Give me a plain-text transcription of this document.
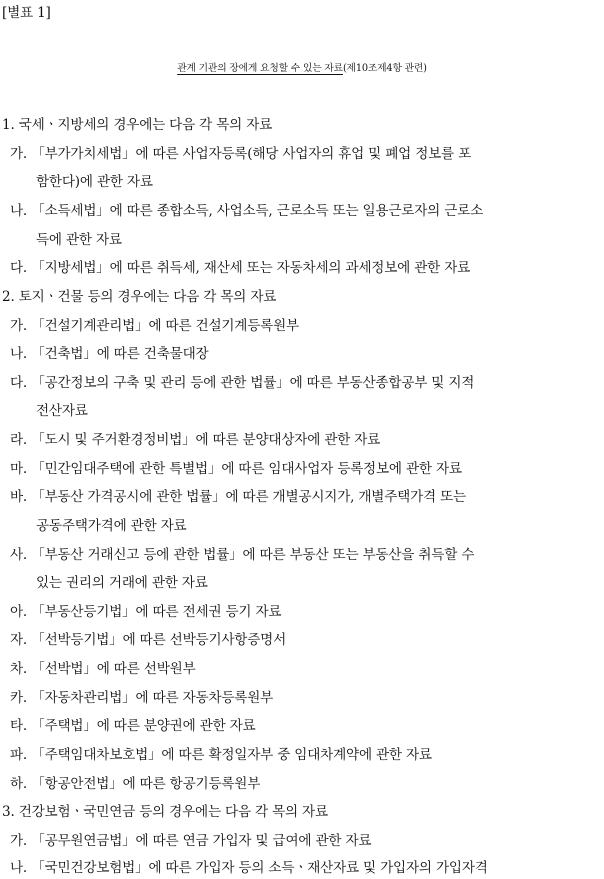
[별표 1]
관계 기관의 장에게 요청할 수 있는 자료(제10조제4항 관련)
1. 국세ㆍ지방세의 경우에는 다음 각 목의 자료
가. 「부가가치세법」에 따른 사업자등록(해당 사업자의 휴업 및 폐업 정보를 포
함한다)에 관한 자료
나. 「소득세법」에 따른 종합소득, 사업소득, 근로소득 또는 일용근로자의 근로소
득에 관한 자료
다. 「지방세법」에 따른 취득세, 재산세 또는 자동차세의 과세정보에 관한 자료
2. 토지ㆍ건물 등의 경우에는 다음 각 목의 자료
가. 「건설기계관리법」에 따른 건설기계등록원부
나. 「건축법」에 따른 건축물대장
다. 「공간정보의 구축 및 관리 등에 관한 법률」에 따른 부동산종합공부 및 지적
전산자료
라. 「도시 및 주거환경정비법」에 따른 분양대상자에 관한 자료
마. 「민간임대주택에 관한 특별법」에 따른 임대사업자 등록정보에 관한 자료
바. 「부동산 가격공시에 관한 법률」에 따른 개별공시지가, 개별주택가격 또는
공동주택가격에 관한 자료
사. 「부동산 거래신고 등에 관한 법률」에 따른 부동산 또는 부동산을 취득할 수
있는 권리의 거래에 관한 자료
아. 「부동산등기법」에 따른 전세권 등기 자료
자. 「선박등기법」에 따른 선박등기사항증명서
차. 「선박법」에 따른 선박원부
카. 「자동차관리법」에 따른 자동차등록원부
타. 「주택법」에 따른 분양권에 관한 자료
파. 「주택임대차보호법」에 따른 확정일자부 중 임대차계약에 관한 자료
하. 「항공안전법」에 따른 항공기등록원부
3. 건강보험ㆍ국민연금 등의 경우에는 다음 각 목의 자료
가. 「공무원연금법」에 따른 연금 가입자 및 급여에 관한 자료
나. 「국민건강보험법」에 따른 가입자 등의 소득ㆍ재산자료 및 가입자의 가입자격
